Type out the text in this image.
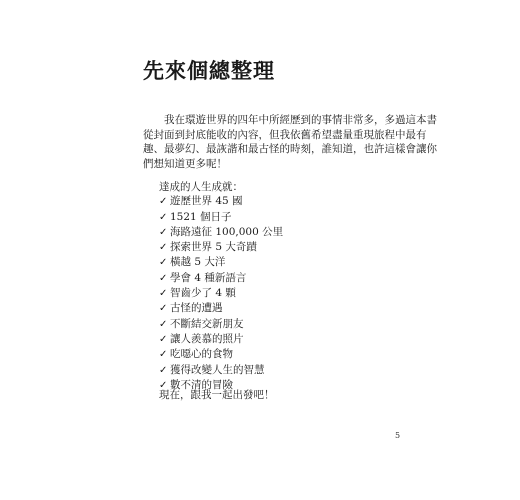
先來個總整理

　　我在環遊世界的四年中所經歷到的事情非常多，多過這本書
從封面到封底能收的內容，但我依舊希望盡量重現旅程中最有
趣、最夢幻、最詼諧和最古怪的時刻，誰知道，也許這樣會讓你
們想知道更多呢！

達成的人生成就：
✓ 遊歷世界 45 國
✓ 1521 個日子
✓ 海路遠征 100,000 公里
✓ 探索世界 5 大奇蹟
✓ 橫越 5 大洋
✓ 學會 4 種新語言
✓ 智齒少了 4 顆
✓ 古怪的遭遇
✓ 不斷結交新朋友
✓ 讓人羨慕的照片
✓ 吃噁心的食物
✓ 獲得改變人生的智慧
✓ 數不清的冒險

現在，跟我一起出發吧！

5
